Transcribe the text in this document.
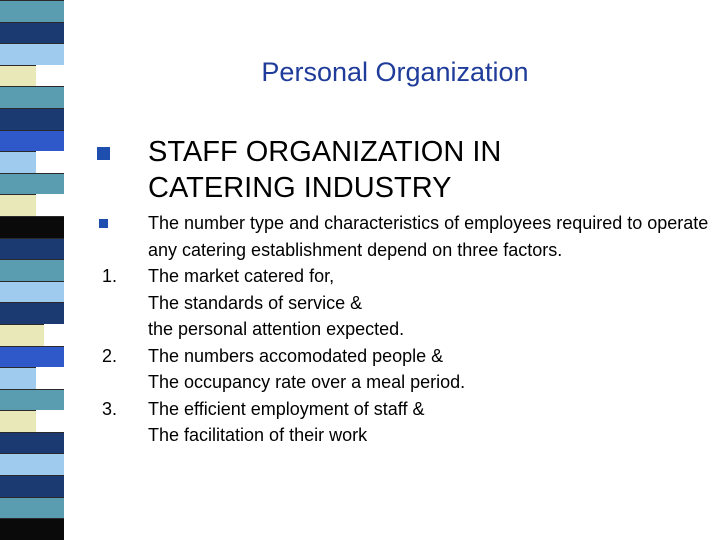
Personal Organization
STAFF ORGANIZATION IN CATERING INDUSTRY
The number type and characteristics of employees required to operate any catering establishment depend on three factors.
1.	The market catered for,
The standards of service &
the personal attention expected.
2.	The numbers accomodated people &
The occupancy rate over a meal period.
3.	The efficient employment of staff &
The facilitation of their work
